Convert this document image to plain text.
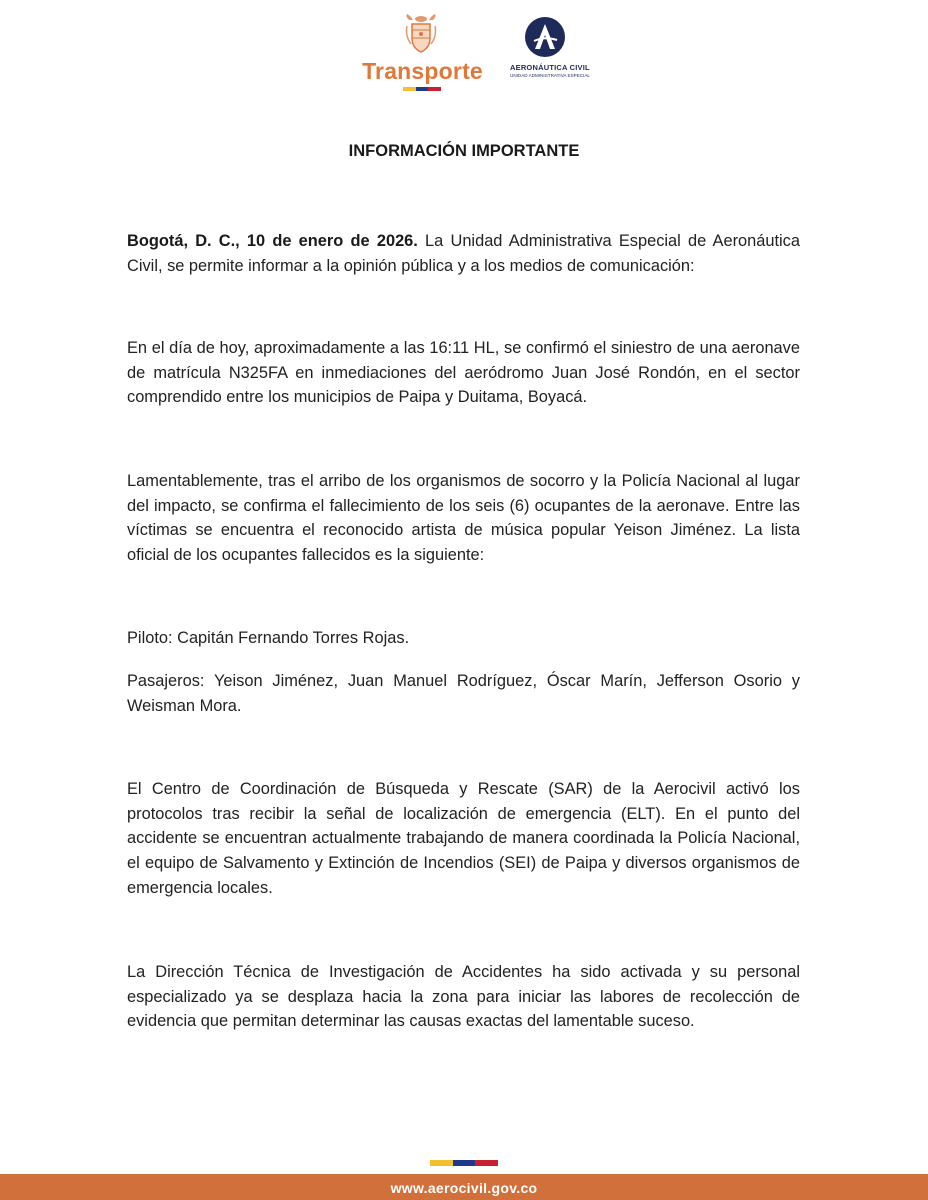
Transporte	AERONÁUTICA CIVIL
UNIDAD ADMINISTRATIVA ESPECIAL
INFORMACIÓN IMPORTANTE

Bogotá, D. C., 10 de enero de 2026. La Unidad Administrativa Especial de Aeronáutica Civil, se permite informar a la opinión pública y a los medios de comunicación:

En el día de hoy, aproximadamente a las 16:11 HL, se confirmó el siniestro de una aeronave de matrícula N325FA en inmediaciones del aeródromo Juan José Rondón, en el sector comprendido entre los municipios de Paipa y Duitama, Boyacá.

Lamentablemente, tras el arribo de los organismos de socorro y la Policía Nacional al lugar del impacto, se confirma el fallecimiento de los seis (6) ocupantes de la aeronave. Entre las víctimas se encuentra el reconocido artista de música popular Yeison Jiménez. La lista oficial de los ocupantes fallecidos es la siguiente:

Piloto: Capitán Fernando Torres Rojas.

Pasajeros: Yeison Jiménez, Juan Manuel Rodríguez, Óscar Marín, Jefferson Osorio y Weisman Mora.

El Centro de Coordinación de Búsqueda y Rescate (SAR) de la Aerocivil activó los protocolos tras recibir la señal de localización de emergencia (ELT). En el punto del accidente se encuentran actualmente trabajando de manera coordinada la Policía Nacional, el equipo de Salvamento y Extinción de Incendios (SEI) de Paipa y diversos organismos de emergencia locales.

La Dirección Técnica de Investigación de Accidentes ha sido activada y su personal especializado ya se desplaza hacia la zona para iniciar las labores de recolección de evidencia que permitan determinar las causas exactas del lamentable suceso.

www.aerocivil.gov.co
